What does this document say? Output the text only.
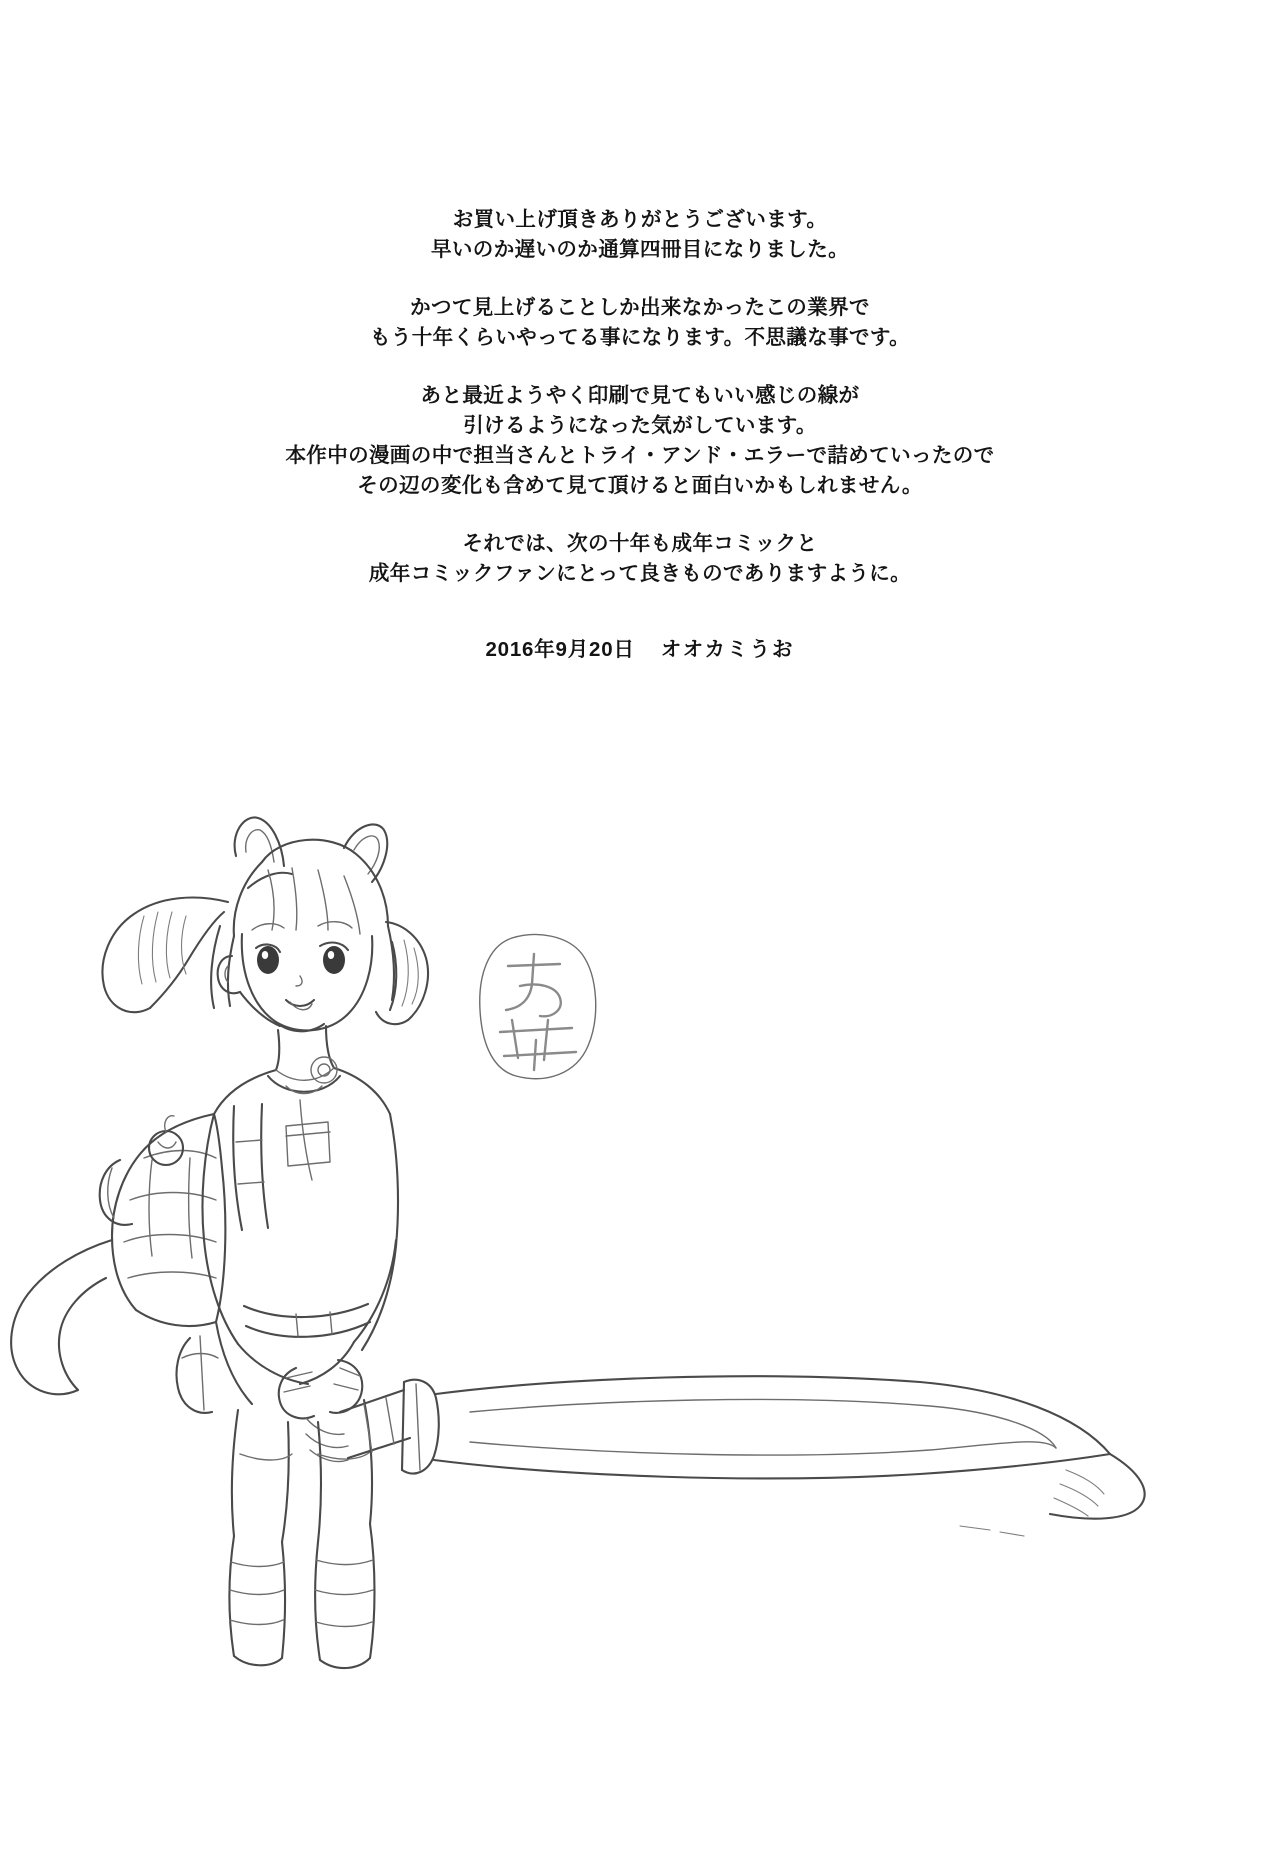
お買い上げ頂きありがとうございます。
早いのか遅いのか通算四冊目になりました。

かつて見上げることしか出来なかったこの業界で
もう十年くらいやってる事になります。不思議な事です。

あと最近ようやく印刷で見てもいい感じの線が
引けるようになった気がしています。
本作中の漫画の中で担当さんとトライ・アンド・エラーで詰めていったので
その辺の変化も含めて見て頂けると面白いかもしれません。

それでは、次の十年も成年コミックと
成年コミックファンにとって良きものでありますように。

2016年9月20日 オオカミうお
